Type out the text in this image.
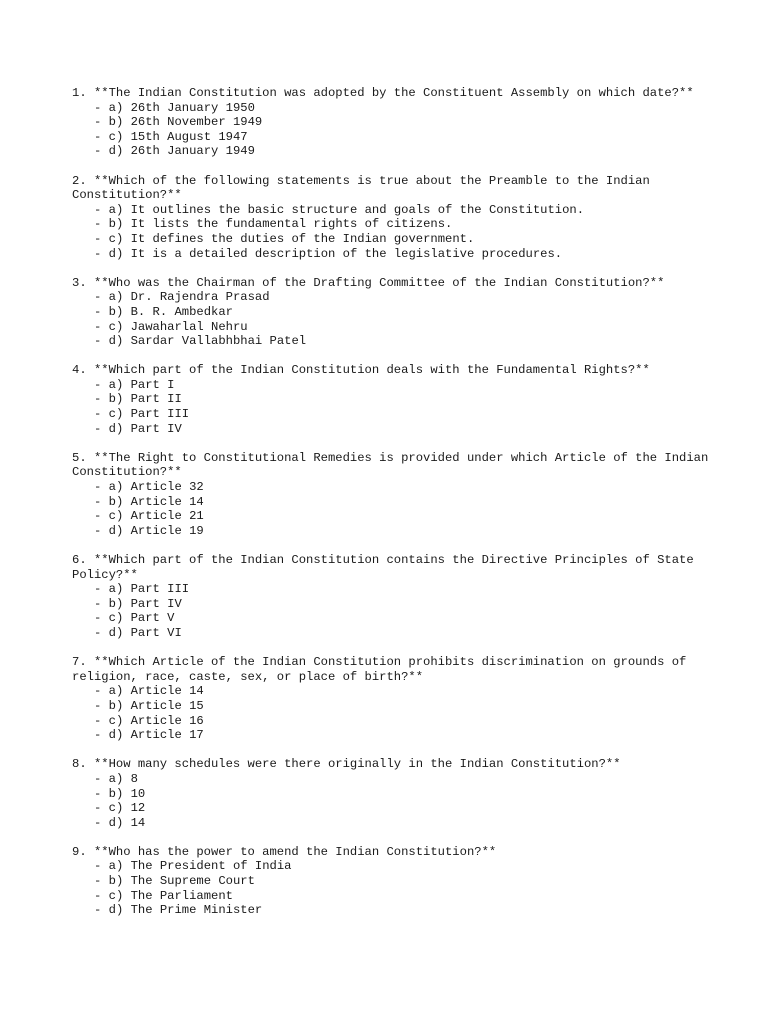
1. **The Indian Constitution was adopted by the Constituent Assembly on which date?**
- a) 26th January 1950
- b) 26th November 1949
- c) 15th August 1947
- d) 26th January 1949
2. **Which of the following statements is true about the Preamble to the Indian Constitution?**
- a) It outlines the basic structure and goals of the Constitution.
- b) It lists the fundamental rights of citizens.
- c) It defines the duties of the Indian government.
- d) It is a detailed description of the legislative procedures.
3. **Who was the Chairman of the Drafting Committee of the Indian Constitution?**
- a) Dr. Rajendra Prasad
- b) B. R. Ambedkar
- c) Jawaharlal Nehru
- d) Sardar Vallabhbhai Patel
4. **Which part of the Indian Constitution deals with the Fundamental Rights?**
- a) Part I
- b) Part II
- c) Part III
- d) Part IV
5. **The Right to Constitutional Remedies is provided under which Article of the Indian Constitution?**
- a) Article 32
- b) Article 14
- c) Article 21
- d) Article 19
6. **Which part of the Indian Constitution contains the Directive Principles of State Policy?**
- a) Part III
- b) Part IV
- c) Part V
- d) Part VI
7. **Which Article of the Indian Constitution prohibits discrimination on grounds of religion, race, caste, sex, or place of birth?**
- a) Article 14
- b) Article 15
- c) Article 16
- d) Article 17
8. **How many schedules were there originally in the Indian Constitution?**
- a) 8
- b) 10
- c) 12
- d) 14
9. **Who has the power to amend the Indian Constitution?**
- a) The President of India
- b) The Supreme Court
- c) The Parliament
- d) The Prime Minister
